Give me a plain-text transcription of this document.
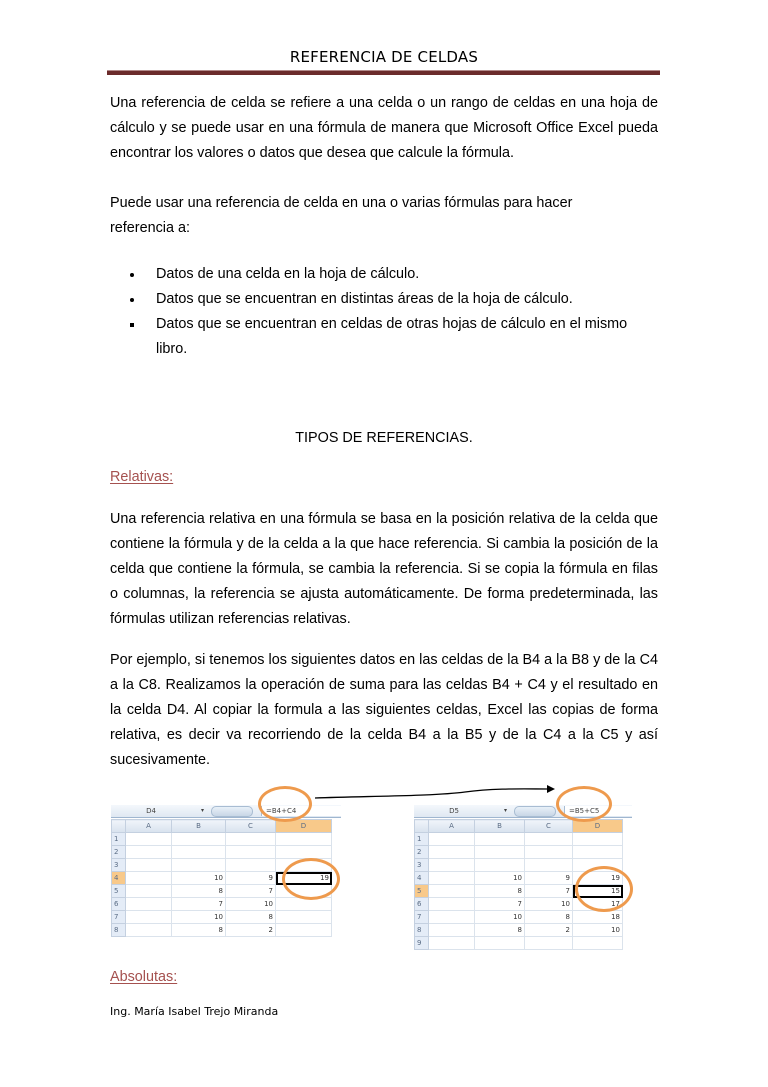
REFERENCIA DE CELDAS
Una referencia de celda se refiere a una celda o un rango de celdas en una hoja de cálculo y se puede usar en una fórmula de manera que Microsoft Office Excel pueda encontrar los valores o datos que desea que calcule la fórmula.
Puede usar una referencia de celda en una o varias fórmulas para hacer referencia a:
Datos de una celda en la hoja de cálculo.
Datos que se encuentran en distintas áreas de la hoja de cálculo.
Datos que se encuentran en celdas de otras hojas de cálculo en el mismo libro.
TIPOS DE REFERENCIAS.
Relativas:
Una referencia relativa en una fórmula se basa en la posición relativa de la celda que contiene la fórmula y de la celda a la que hace referencia. Si cambia la posición de la celda que contiene la fórmula, se cambia la referencia. Si se copia la fórmula en filas o columnas, la referencia se ajusta automáticamente. De forma predeterminada, las fórmulas utilizan referencias relativas.
Por ejemplo, si tenemos los siguientes datos en las celdas de la B4 a la B8 y de la C4 a la C8. Realizamos la operación de suma para las celdas B4 + C4 y el resultado en la celda D4. Al copiar la formula a las siguientes celdas, Excel las copias de forma relativa, es decir va recorriendo de la celda B4 a la B5 y de la C4 a la C5 y así sucesivamente.
D4	▾	=B4+C4
	A	B	C	D
1				
2				
3				
4		10	9	19
5		8	7	
6		7	10	
7		10	8	
8		8	2	
D5	▾	=B5+C5
	A	B	C	D
1				
2				
3				
4		10	9	19
5		8	7	15
6		7	10	17
7		10	8	18
8		8	2	10
9				
Absolutas:
Ing. María Isabel Trejo Miranda
